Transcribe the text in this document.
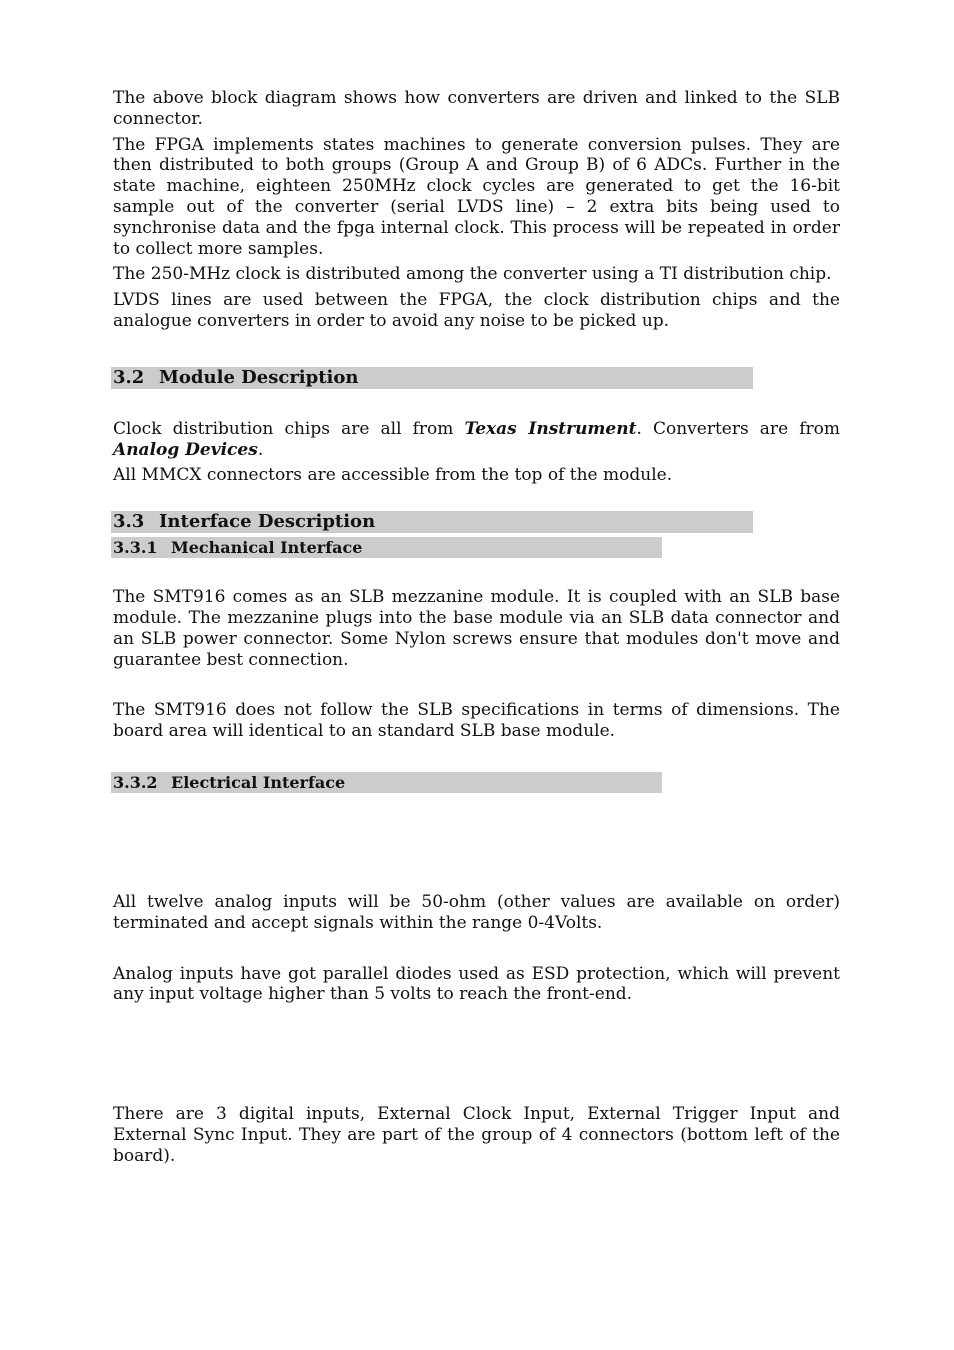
The above block diagram shows how converters are driven and linked to the SLB connector.

The FPGA implements states machines to generate conversion pulses. They are then distributed to both groups (Group A and Group B) of 6 ADCs. Further in the state machine, eighteen 250MHz clock cycles are generated to get the 16-bit sample out of the converter (serial LVDS line) – 2 extra bits being used to synchronise data and the fpga internal clock. This process will be repeated in order to collect more samples.

The 250-MHz clock is distributed among the converter using a TI distribution chip.

LVDS lines are used between the FPGA, the clock distribution chips and the analogue converters in order to avoid any noise to be picked up.

3.2 Module Description

Clock distribution chips are all from Texas Instrument. Converters are from Analog Devices.

All MMCX connectors are accessible from the top of the module.

3.3 Interface Description
3.3.1 Mechanical Interface

The SMT916 comes as an SLB mezzanine module. It is coupled with an SLB base module. The mezzanine plugs into the base module via an SLB data connector and an SLB power connector. Some Nylon screws ensure that modules don't move and guarantee best connection.

The SMT916 does not follow the SLB specifications in terms of dimensions. The board area will identical to an standard SLB base module.

3.3.2 Electrical Interface

All twelve analog inputs will be 50-ohm (other values are available on order) terminated and accept signals within the range 0-4Volts.

Analog inputs have got parallel diodes used as ESD protection, which will prevent any input voltage higher than 5 volts to reach the front-end.

There are 3 digital inputs, External Clock Input, External Trigger Input and External Sync Input. They are part of the group of 4 connectors (bottom left of the board).
